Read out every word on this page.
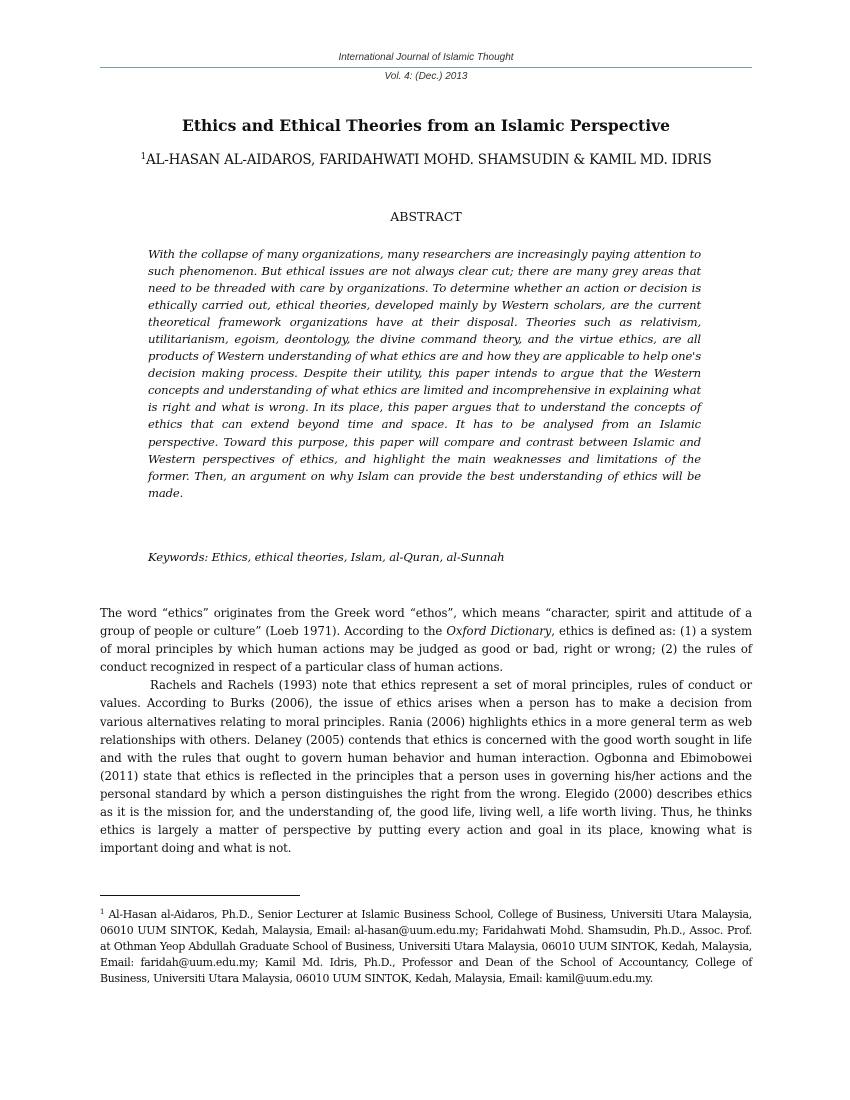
International Journal of Islamic Thought
Vol. 4: (Dec.) 2013
Ethics and Ethical Theories from an Islamic Perspective
$^1$AL-HASAN AL-AIDAROS, FARIDAHWATI MOHD. SHAMSUDIN & KAMIL MD. IDRIS
ABSTRACT

With the collapse of many organizations, many researchers are increasingly paying attention to such phenomenon. But ethical issues are not always clear cut; there are many grey areas that need to be threaded with care by organizations. To determine whether an action or decision is ethically carried out, ethical theories, developed mainly by Western scholars, are the current theoretical framework organizations have at their disposal. Theories such as relativism, utilitarianism, egoism, deontology, the divine command theory, and the virtue ethics, are all products of Western understanding of what ethics are and how they are applicable to help one's decision making process. Despite their utility, this paper intends to argue that the Western concepts and understanding of what ethics are limited and incomprehensive in explaining what is right and what is wrong. In its place, this paper argues that to understand the concepts of ethics that can extend beyond time and space. It has to be analysed from an Islamic perspective. Toward this purpose, this paper will compare and contrast between Islamic and Western perspectives of ethics, and highlight the main weaknesses and limitations of the former. Then, an argument on why Islam can provide the best understanding of ethics will be made.

Keywords: Ethics, ethical theories, Islam, al-Quran, al-Sunnah

The word “ethics” originates from the Greek word “ethos”, which means “character, spirit and attitude of a group of people or culture” (Loeb 1971). According to the Oxford Dictionary, ethics is defined as: (1) a system of moral principles by which human actions may be judged as good or bad, right or wrong; (2) the rules of conduct recognized in respect of a particular class of human actions.

Rachels and Rachels (1993) note that ethics represent a set of moral principles, rules of conduct or values. According to Burks (2006), the issue of ethics arises when a person has to make a decision from various alternatives relating to moral principles. Rania (2006) highlights ethics in a more general term as web relationships with others. Delaney (2005) contends that ethics is concerned with the good worth sought in life and with the rules that ought to govern human behavior and human interaction. Ogbonna and Ebimobowei (2011) state that ethics is reflected in the principles that a person uses in governing his/her actions and the personal standard by which a person distinguishes the right from the wrong. Elegido (2000) describes ethics as it is the mission for, and the understanding of, the good life, living well, a life worth living. Thus, he thinks ethics is largely a matter of perspective by putting every action and goal in its place, knowing what is important doing and what is not.

$^1$ Al-Hasan al-Aidaros, Ph.D., Senior Lecturer at Islamic Business School, College of Business, Universiti Utara Malaysia, 06010 UUM SINTOK, Kedah, Malaysia, Email: al-hasan@uum.edu.my; Faridahwati Mohd. Shamsudin, Ph.D., Assoc. Prof. at Othman Yeop Abdullah Graduate School of Business, Universiti Utara Malaysia, 06010 UUM SINTOK, Kedah, Malaysia, Email: faridah@uum.edu.my; Kamil Md. Idris, Ph.D., Professor and Dean of the School of Accountancy, College of Business, Universiti Utara Malaysia, 06010 UUM SINTOK, Kedah, Malaysia, Email: kamil@uum.edu.my.
